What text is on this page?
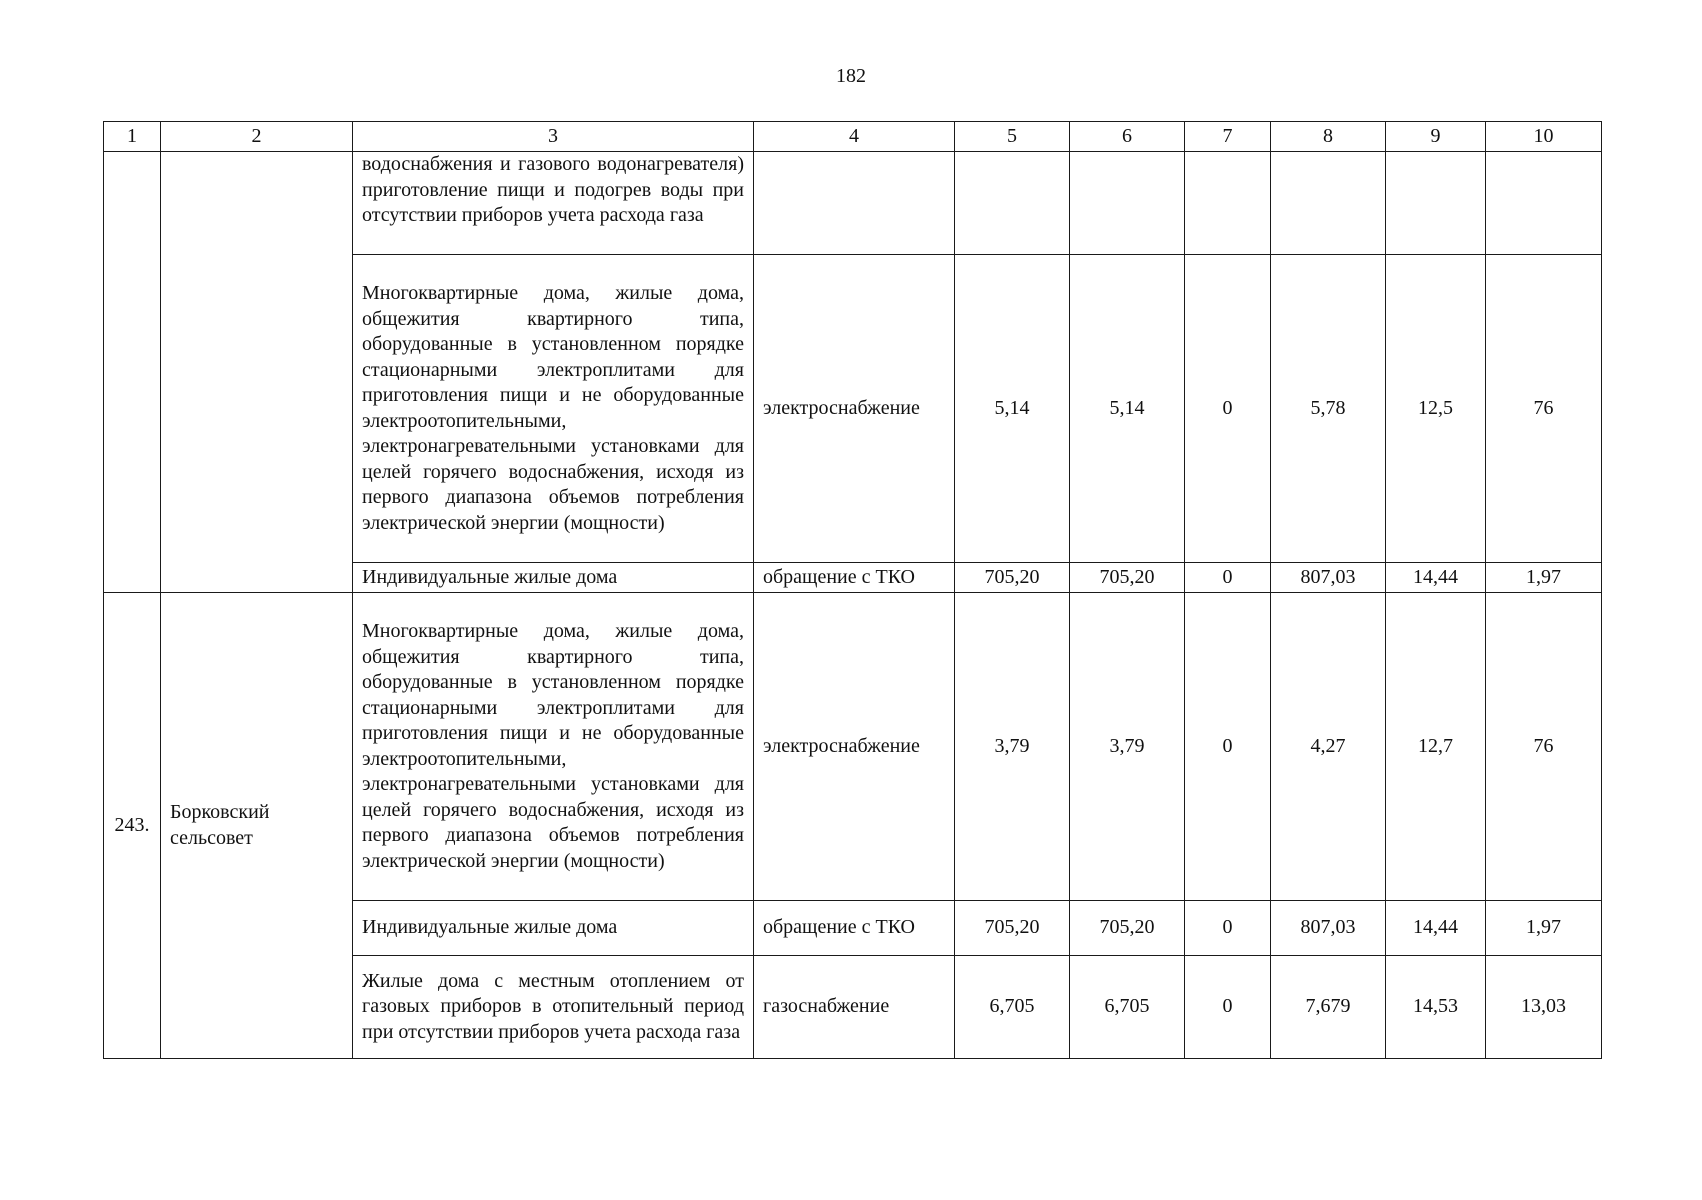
182
1	2	3	4	5	6	7	8	9	10
		водоснабжения и газового водонагревателя) приготовление пищи и подогрев воды при отсутствии приборов учета расхода газа							
		Многоквартирные дома, жилые дома, общежития квартирного типа, оборудованные в установленном порядке стационарными электроплитами для приготовления пищи и не оборудованные электроотопительными, электронагревательными установками для целей горячего водоснабжения, исходя из первого диапазона объемов потребления электрической энергии (мощности)	электроснабжение	5,14	5,14	0	5,78	12,5	76
		Индивидуальные жилые дома	обращение с ТКО	705,20	705,20	0	807,03	14,44	1,97
243.	Борковский сельсовет	Многоквартирные дома, жилые дома, общежития квартирного типа, оборудованные в установленном порядке стационарными электроплитами для приготовления пищи и не оборудованные электроотопительными, электронагревательными установками для целей горячего водоснабжения, исходя из первого диапазона объемов потребления электрической энергии (мощности)	электроснабжение	3,79	3,79	0	4,27	12,7	76
		Индивидуальные жилые дома	обращение с ТКО	705,20	705,20	0	807,03	14,44	1,97
		Жилые дома с местным отоплением от газовых приборов в отопительный период при отсутствии приборов учета расхода газа	газоснабжение	6,705	6,705	0	7,679	14,53	13,03
